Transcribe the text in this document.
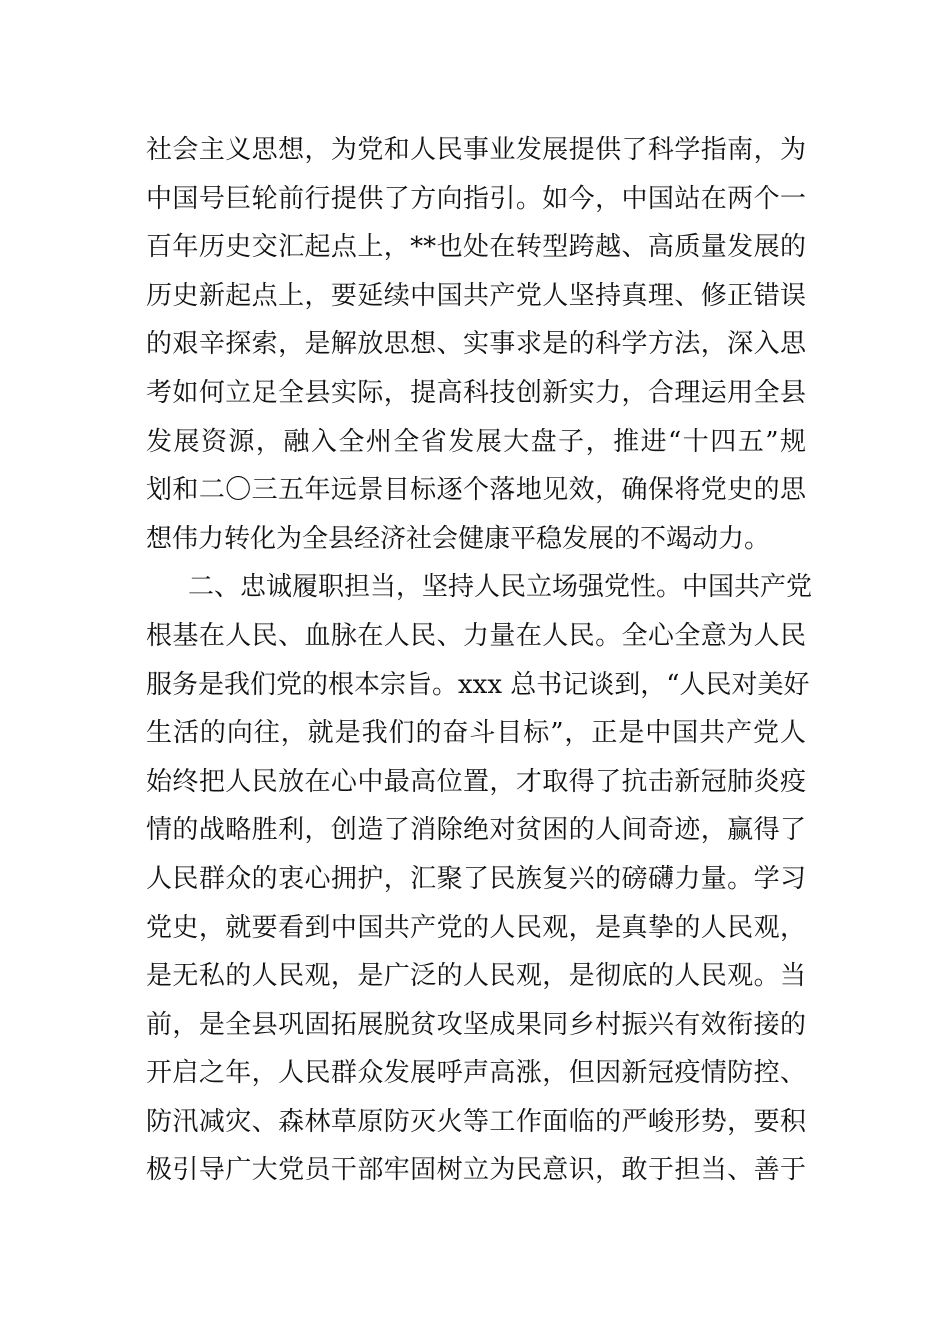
社会主义思想，为党和人民事业发展提供了科学指南，为
中国号巨轮前行提供了方向指引。如今，中国站在两个一
百年历史交汇起点上，**也处在转型跨越、高质量发展的
历史新起点上，要延续中国共产党人坚持真理、修正错误
的艰辛探索，是解放思想、实事求是的科学方法，深入思
考如何立足全县实际，提高科技创新实力，合理运用全县
发展资源，融入全州全省发展大盘子，推进“十四五”规
划和二〇三五年远景目标逐个落地见效，确保将党史的思
想伟力转化为全县经济社会健康平稳发展的不竭动力。
二、忠诚履职担当，坚持人民立场强党性。中国共产党
根基在人民、血脉在人民、力量在人民。全心全意为人民
服务是我们党的根本宗旨。xxx 总书记谈到，“人民对美好
生活的向往，就是我们的奋斗目标”，正是中国共产党人
始终把人民放在心中最高位置，才取得了抗击新冠肺炎疫
情的战略胜利，创造了消除绝对贫困的人间奇迹，赢得了
人民群众的衷心拥护，汇聚了民族复兴的磅礴力量。学习
党史，就要看到中国共产党的人民观，是真挚的人民观，
是无私的人民观，是广泛的人民观，是彻底的人民观。当
前，是全县巩固拓展脱贫攻坚成果同乡村振兴有效衔接的
开启之年，人民群众发展呼声高涨，但因新冠疫情防控、
防汛减灾、森林草原防灭火等工作面临的严峻形势，要积
极引导广大党员干部牢固树立为民意识，敢于担当、善于
